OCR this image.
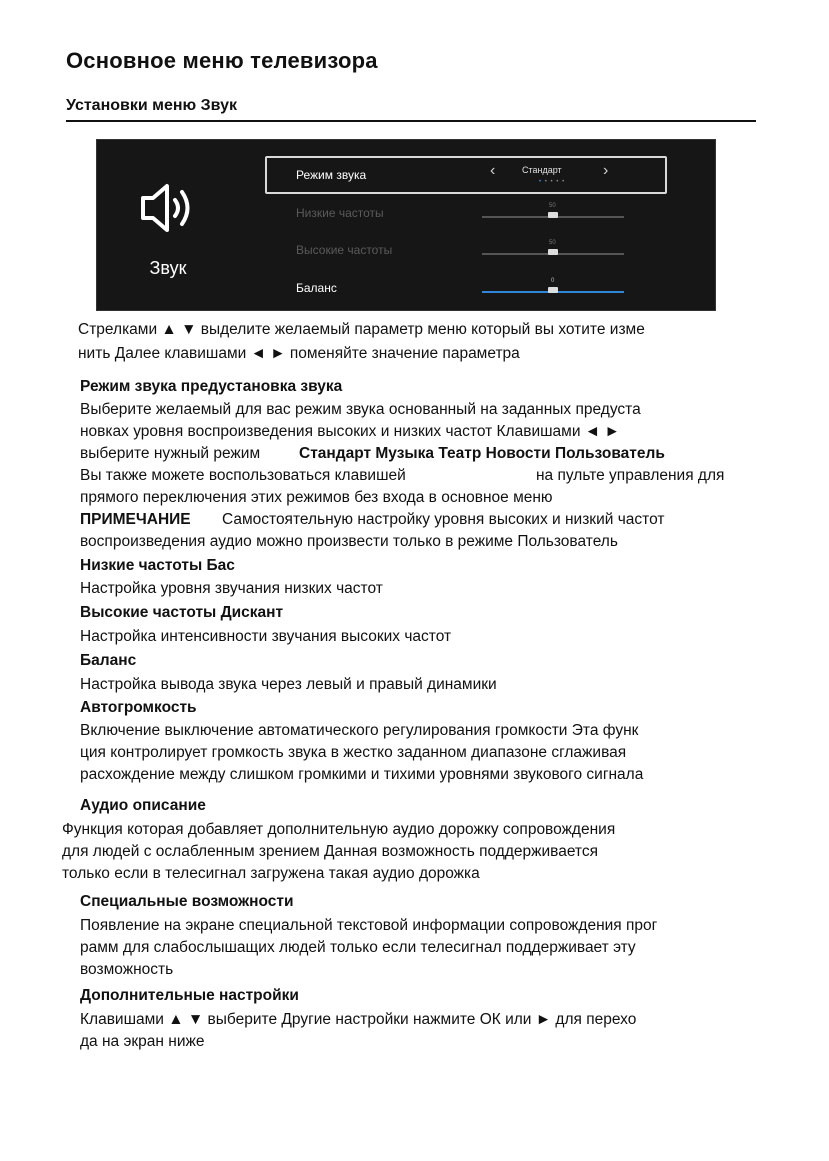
Основное меню телевизора
Установки меню Звук
Звук
Режим звука	‹	Стандарт
• • • • •
›
Низкие частоты	50
Высокие частоты	50
Баланс	0
Стрелками ▲ ▼ выделите желаемый параметр меню который вы хотите изме
нить Далее клавишами ◄ ► поменяйте значение параметра
Режим звука предустановка звука
Выберите желаемый для вас режим звука основанный на заданных предуста
новках уровня воспроизведения высоких и низких частот Клавишами ◄ ►
выберите нужный режим	Стандарт Музыка Театр Новости Пользователь
Вы также можете воспользоваться клавишей	на пульте управления для
прямого переключения этих режимов без входа в основное меню
ПРИМЕЧАНИЕ Самостоятельную настройку уровня высоких и низкий частот
воспроизведения аудио можно произвести только в режиме Пользователь
Низкие частоты Бас
Настройка уровня звучания низких частот
Высокие частоты Дискант
Настройка интенсивности звучания высоких частот
Баланс
Настройка вывода звука через левый и правый динамики
Автогромкость
Включение выключение автоматического регулирования громкости Эта функ
ция контролирует громкость звука в жестко заданном диапазоне сглаживая
расхождение между слишком громкими и тихими уровнями звукового сигнала
Аудио описание
Функция которая добавляет дополнительную аудио дорожку сопровождения
для людей с ослабленным зрением Данная возможность поддерживается
только если в телесигнал загружена такая аудио дорожка
Специальные возможности
Появление на экране специальной текстовой информации сопровождения прог
рамм для слабослышащих людей только если телесигнал поддерживает эту
возможность
Дополнительные настройки
Клавишами ▲ ▼ выберите Другие настройки нажмите ОК или ► для перехо
да на экран ниже
